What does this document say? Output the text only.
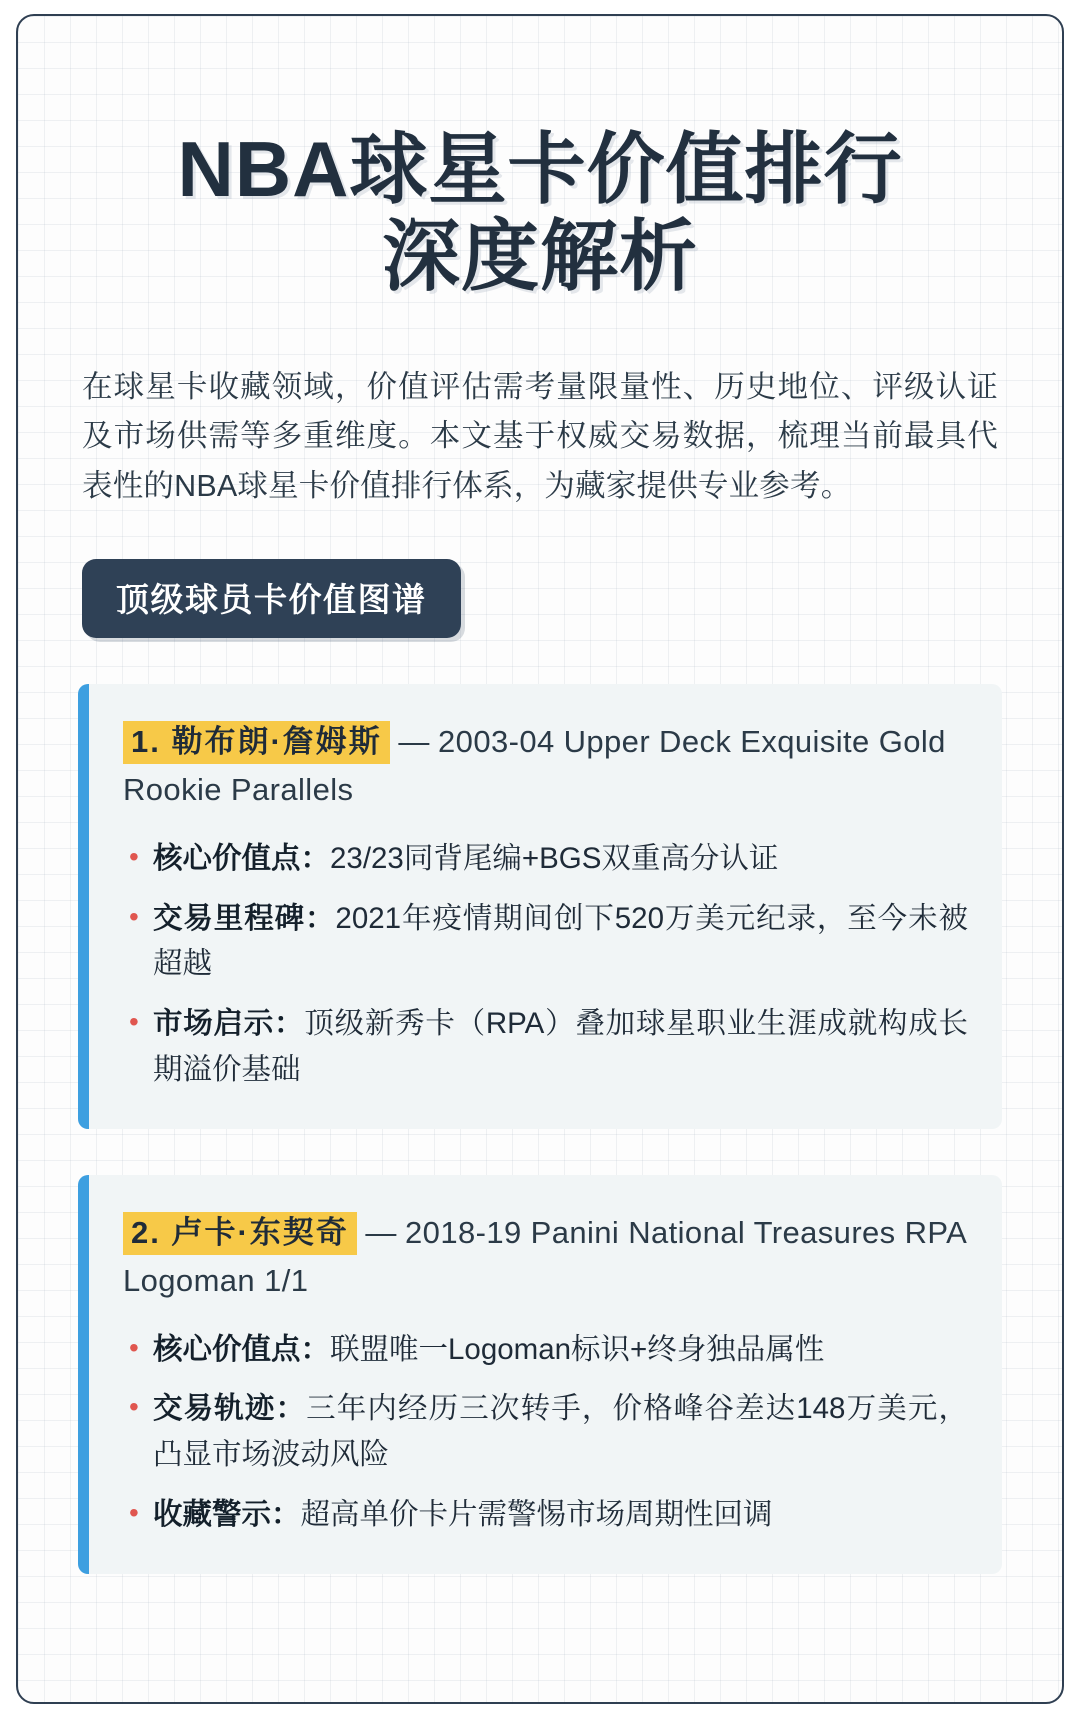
NBA球星卡价值排行
深度解析

在球星卡收藏领域，价值评估需考量限量性、历史地位、评级认证及市场供需等多重维度。本文基于权威交易数据，梳理当前最具代表性的NBA球星卡价值排行体系，为藏家提供专业参考。

顶级球员卡价值图谱
1. 勒布朗·詹姆斯 — 2003-04 Upper Deck Exquisite Gold Rookie Parallels
• 核心价值点：23/23同背尾编+BGS双重高分认证
• 交易里程碑：2021年疫情期间创下520万美元纪录，至今未被超越
• 市场启示：顶级新秀卡（RPA）叠加球星职业生涯成就构成长期溢价基础
2. 卢卡·东契奇 — 2018-19 Panini National Treasures RPA Logoman 1/1
• 核心价值点：联盟唯一Logoman标识+终身独品属性
• 交易轨迹：三年内经历三次转手，价格峰谷差达148万美元，凸显市场波动风险
• 收藏警示：超高单价卡片需警惕市场周期性回调
